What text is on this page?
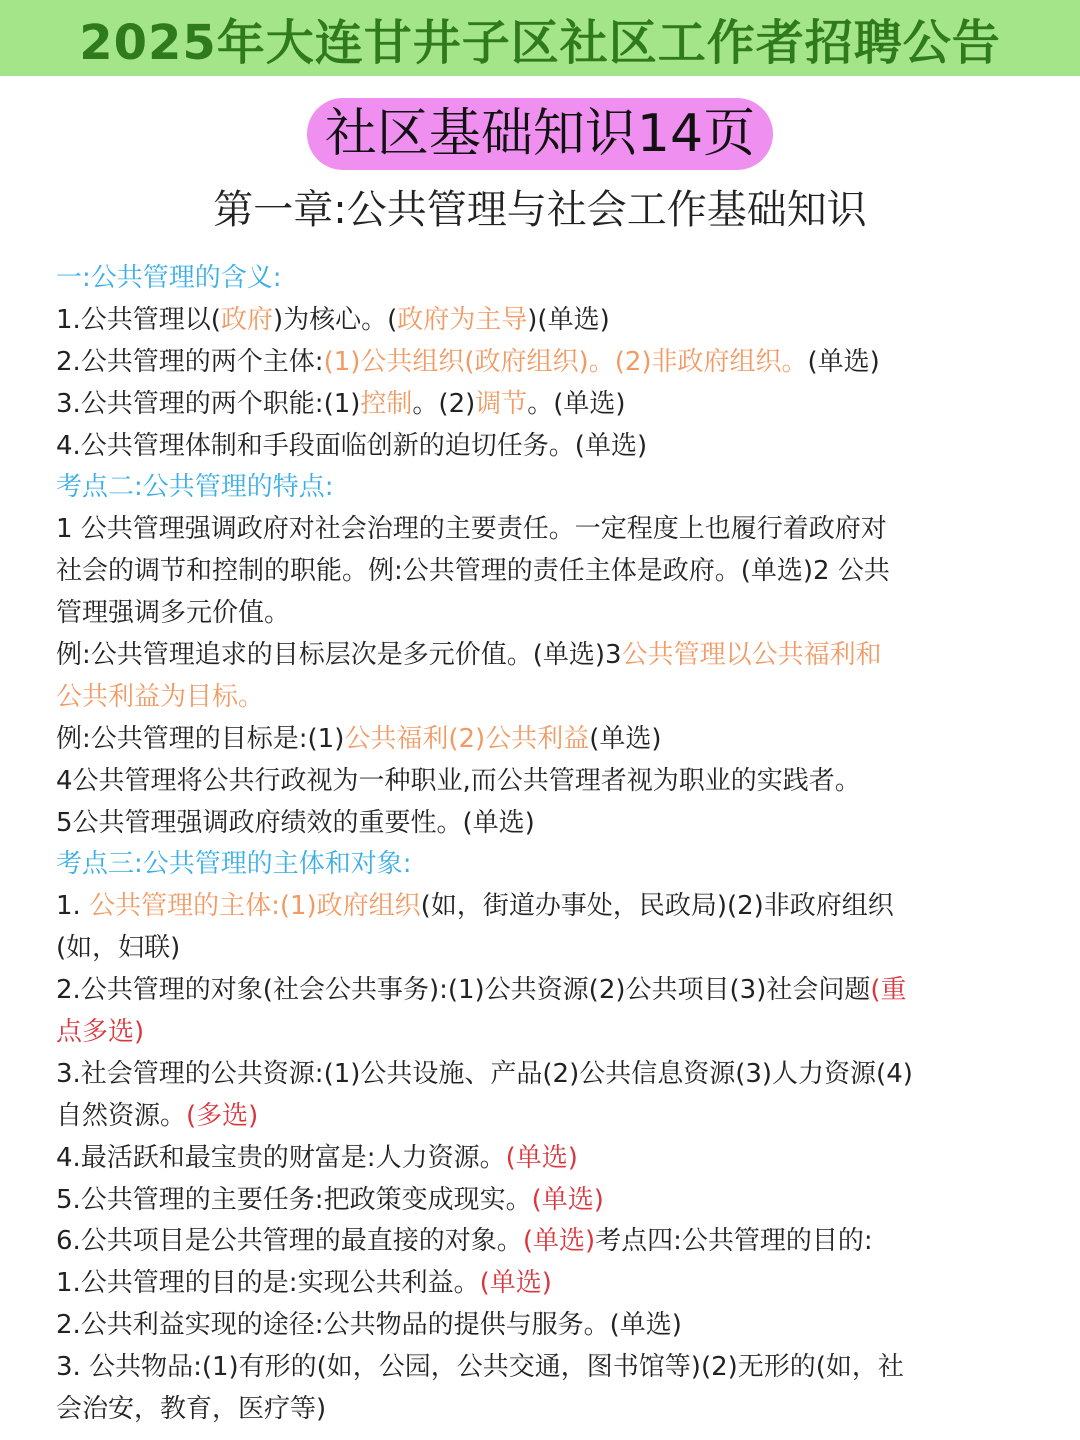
2025年大连甘井子区社区工作者招聘公告
社区基础知识14页
第一章:公共管理与社会工作基础知识
一:公共管理的含义:
1.公共管理以(政府)为核心。(政府为主导)(单选)
2.公共管理的两个主体:(1)公共组织(政府组织)。(2)非政府组织。(单选)
3.公共管理的两个职能:(1)控制。(2)调节。(单选)
4.公共管理体制和手段面临创新的迫切任务。(单选)
考点二:公共管理的特点:
1 公共管理强调政府对社会治理的主要责任。一定程度上也履行着政府对
社会的调节和控制的职能。例:公共管理的责任主体是政府。(单选)2 公共
管理强调多元价值。
例:公共管理追求的目标层次是多元价值。(单选)3公共管理以公共福利和
公共利益为目标。
例:公共管理的目标是:(1)公共福利(2)公共利益(单选)
4公共管理将公共行政视为一种职业,而公共管理者视为职业的实践者。
5公共管理强调政府绩效的重要性。(单选)
考点三:公共管理的主体和对象:
1. 公共管理的主体:(1)政府组织(如，街道办事处，民政局)(2)非政府组织
(如，妇联)
2.公共管理的对象(社会公共事务):(1)公共资源(2)公共项目(3)社会问题(重
点多选)
3.社会管理的公共资源:(1)公共设施、产品(2)公共信息资源(3)人力资源(4)
自然资源。(多选)
4.最活跃和最宝贵的财富是:人力资源。(单选)
5.公共管理的主要任务:把政策变成现实。(单选)
6.公共项目是公共管理的最直接的对象。(单选)考点四:公共管理的目的:
1.公共管理的目的是:实现公共利益。(单选)
2.公共利益实现的途径:公共物品的提供与服务。(单选)
3. 公共物品:(1)有形的(如，公园，公共交通，图书馆等)(2)无形的(如，社
会治安，教育，医疗等)
